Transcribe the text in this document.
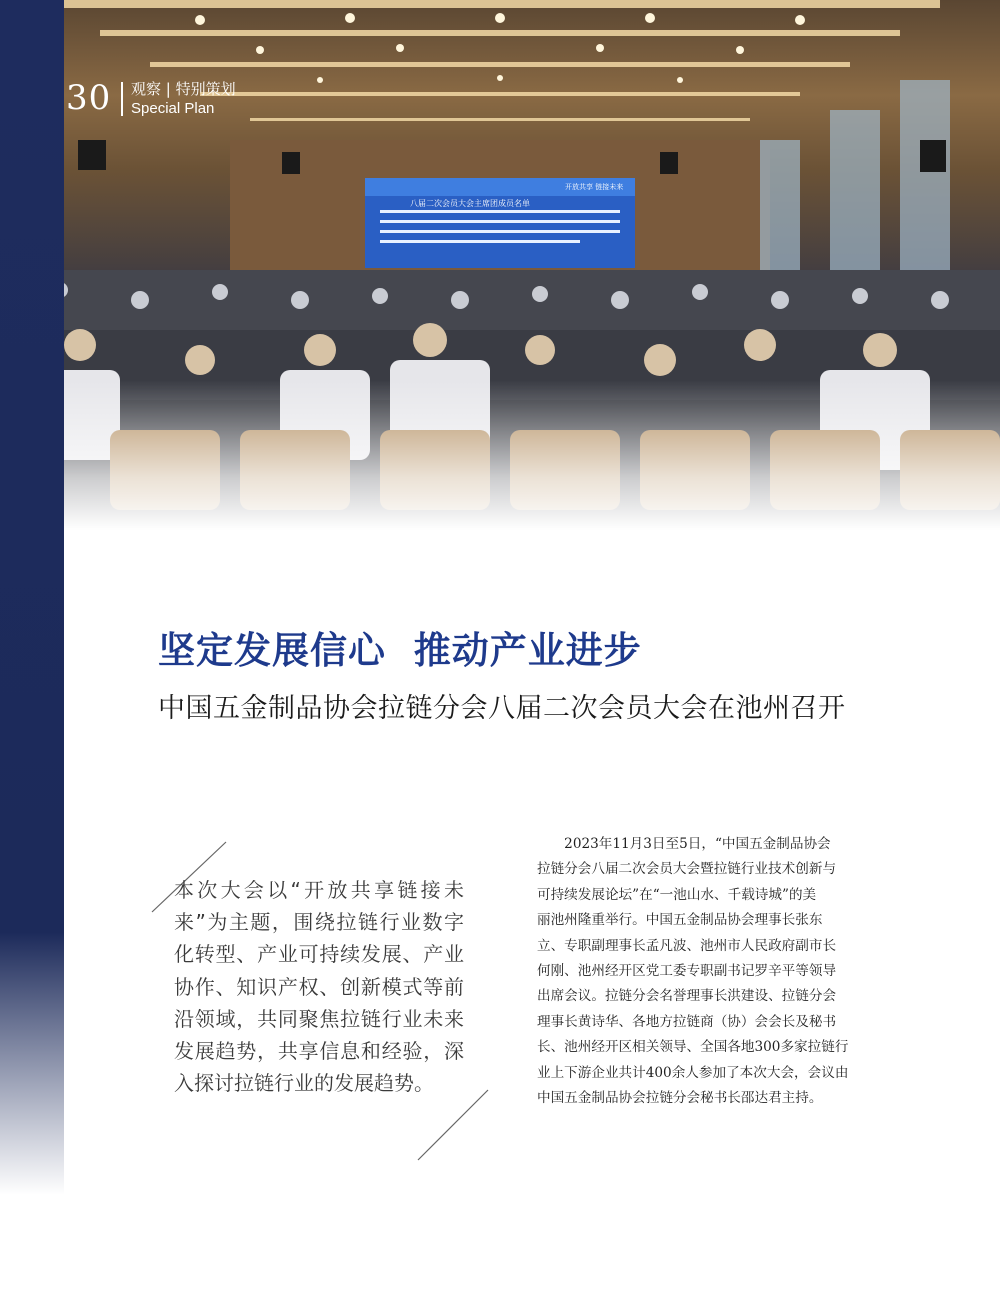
30 观察 | 特别策划
Special Plan
坚定发展信心  推动产业进步
中国五金制品协会拉链分会八届二次会员大会在池州召开
本次大会以“开放共享链接未来”为主题，围绕拉链行业数字化转型、产业可持续发展、产业协作、知识产权、创新模式等前沿领域，共同聚焦拉链行业未来发展趋势，共享信息和经验，深入探讨拉链行业的发展趋势。
　　2023年11月3日至5日，“中国五金制品协会
拉链分会八届二次会员大会暨拉链行业技术创新与
可持续发展论坛”在“一池山水、千载诗城”的美
丽池州隆重举行。中国五金制品协会理事长张东
立、专职副理事长孟凡波、池州市人民政府副市长
何刚、池州经开区党工委专职副书记罗辛平等领导
出席会议。拉链分会名誉理事长洪建设、拉链分会
理事长黄诗华、各地方拉链商（协）会会长及秘书
长、池州经开区相关领导、全国各地300多家拉链行
业上下游企业共计400余人参加了本次大会，会议由
中国五金制品协会拉链分会秘书长邵达君主持。
八届二次会员大会主席团成员名单
开放共享 链接未来
